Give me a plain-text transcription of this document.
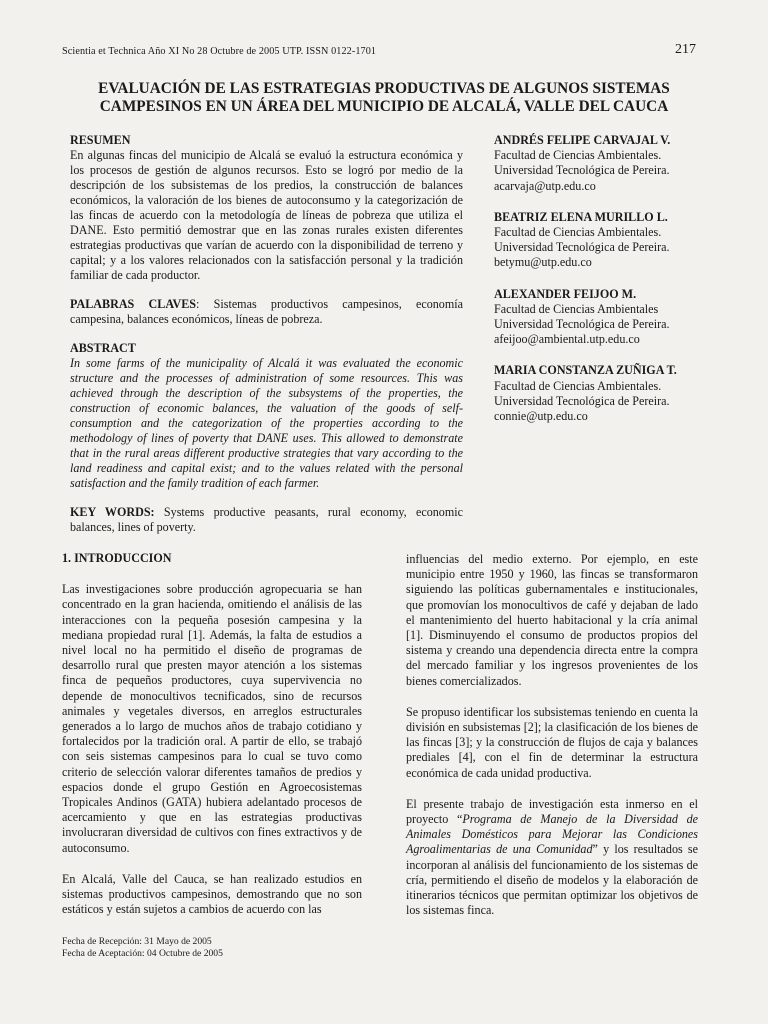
Scientia et Technica Año XI No 28 Octubre de 2005 UTP. ISSN 0122-1701	217
EVALUACIÓN DE LAS ESTRATEGIAS PRODUCTIVAS DE ALGUNOS SISTEMAS
CAMPESINOS EN UN ÁREA DEL MUNICIPIO DE ALCALÁ, VALLE DEL CAUCA

RESUMEN

En algunas fincas del municipio de Alcalá se evaluó la estructura económica y los procesos de gestión de algunos recursos. Esto se logró por medio de la descripción de los subsistemas de los predios, la construcción de balances económicos, la valoración de los bienes de autoconsumo y la categorización de las fincas de acuerdo con la metodología de líneas de pobreza que utiliza el DANE. Esto permitió demostrar que en las zonas rurales existen diferentes estrategias productivas que varían de acuerdo con la disponibilidad de terreno y capital; y a los valores relacionados con la satisfacción personal y la tradición familiar de cada productor.

PALABRAS CLAVES: Sistemas productivos campesinos, economía campesina, balances económicos, líneas de pobreza.

ABSTRACT

In some farms of the municipality of Alcalá it was evaluated the economic structure and the processes of administration of some resources. This was achieved through the description of the subsystems of the properties, the construction of economic balances, the valuation of the goods of self-consumption and the categorization of the properties according to the methodology of lines of poverty that DANE uses. This allowed to demonstrate that in the rural areas different productive strategies that vary according to the land readiness and capital exist; and to the values related with the personal satisfaction and the family tradition of each farmer.

KEY WORDS: Systems productive peasants, rural economy, economic balances, lines of poverty.

ANDRÉS FELIPE CARVAJAL V.
Facultad de Ciencias Ambientales.
Universidad Tecnológica de Pereira.
acarvaja@utp.edu.co
BEATRIZ ELENA MURILLO L.
Facultad de Ciencias Ambientales.
Universidad Tecnológica de Pereira.
betymu@utp.edu.co
ALEXANDER FEIJOO M.
Facultad de Ciencias Ambientales
Universidad Tecnológica de Pereira.
afeijoo@ambiental.utp.edu.co
MARIA CONSTANZA ZUÑIGA T.
Facultad de Ciencias Ambientales.
Universidad Tecnológica de Pereira.
connie@utp.edu.co

1. INTRODUCCION

Las investigaciones sobre producción agropecuaria se han concentrado en la gran hacienda, omitiendo el análisis de las interacciones con la pequeña posesión campesina y la mediana propiedad rural [1]. Además, la falta de estudios a nivel local no ha permitido el diseño de programas de desarrollo rural que presten mayor atención a los sistemas finca de pequeños productores, cuya supervivencia no depende de monocultivos tecnificados, sino de recursos animales y vegetales diversos, en arreglos estructurales generados a lo largo de muchos años de trabajo cotidiano y fortalecidos por la tradición oral. A partir de ello, se trabajó con seis sistemas campesinos para lo cual se tuvo como criterio de selección valorar diferentes tamaños de predios y espacios donde el grupo Gestión en Agroecosistemas Tropicales Andinos (GATA) hubiera adelantado procesos de acercamiento y que en las estrategias productivas involucraran diversidad de cultivos con fines extractivos y de autoconsumo.

En Alcalá, Valle del Cauca, se han realizado estudios en sistemas productivos campesinos, demostrando que no son estáticos y están sujetos a cambios de acuerdo con las

influencias del medio externo. Por ejemplo, en este municipio entre 1950 y 1960, las fincas se transformaron siguiendo las políticas gubernamentales e institucionales, que promovían los monocultivos de café y dejaban de lado el mantenimiento del huerto habitacional y la cría animal [1]. Disminuyendo el consumo de productos propios del sistema y creando una dependencia directa entre la compra del mercado familiar y los ingresos provenientes de los bienes comercializados.

Se propuso identificar los subsistemas teniendo en cuenta la división en subsistemas [2]; la clasificación de los bienes de las fincas [3]; y la construcción de flujos de caja y balances prediales [4], con el fin de determinar la estructura económica de cada unidad productiva.

El presente trabajo de investigación esta inmerso en el proyecto “Programa de Manejo de la Diversidad de Animales Domésticos para Mejorar las Condiciones Agroalimentarias de una Comunidad” y los resultados se incorporan al análisis del funcionamiento de los sistemas de cría, permitiendo el diseño de modelos y la elaboración de itinerarios técnicos que permitan optimizar los objetivos de los sistemas finca.

Fecha de Recepción: 31 Mayo de 2005
Fecha de Aceptación: 04 Octubre de 2005
